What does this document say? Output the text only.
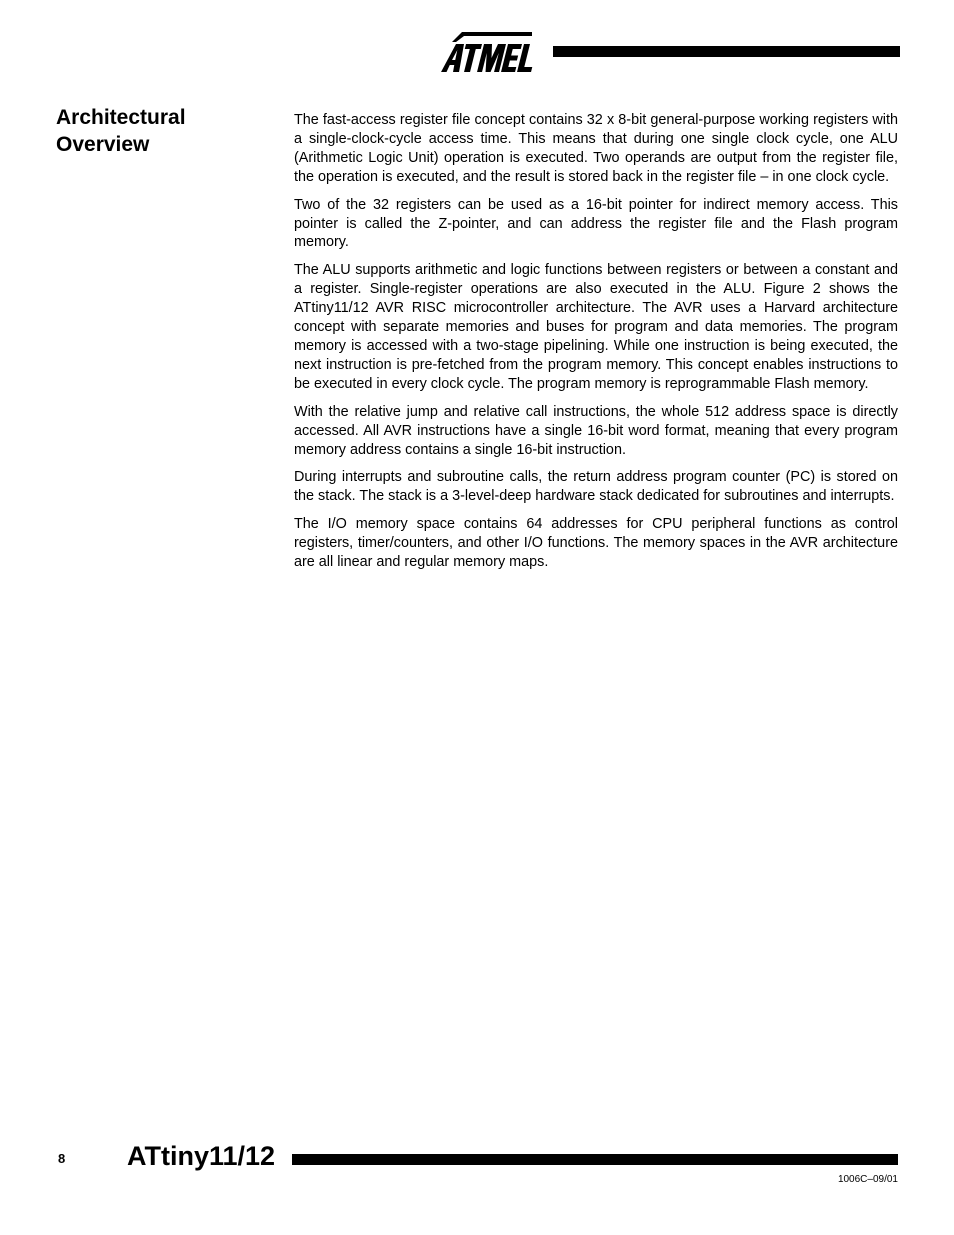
Architectural
Overview

The fast-access register file concept contains 32 x 8-bit general-purpose working registers with a single-clock-cycle access time. This means that during one single clock cycle, one ALU (Arithmetic Logic Unit) operation is executed. Two operands are output from the register file, the operation is executed, and the result is stored back in the register file – in one clock cycle.

Two of the 32 registers can be used as a 16-bit pointer for indirect memory access. This pointer is called the Z-pointer, and can address the register file and the Flash program memory.

The ALU supports arithmetic and logic functions between registers or between a constant and a register. Single-register operations are also executed in the ALU. Figure 2 shows the ATtiny11/12 AVR RISC microcontroller architecture. The AVR uses a Harvard architecture concept with separate memories and buses for program and data memories. The program memory is accessed with a two-stage pipelining. While one instruction is being executed, the next instruction is pre-fetched from the program memory. This concept enables instructions to be executed in every clock cycle. The program memory is reprogrammable Flash memory.

With the relative jump and relative call instructions, the whole 512 address space is directly accessed. All AVR instructions have a single 16-bit word format, meaning that every program memory address contains a single 16-bit instruction.

During interrupts and subroutine calls, the return address program counter (PC) is stored on the stack. The stack is a 3-level-deep hardware stack dedicated for subroutines and interrupts.

The I/O memory space contains 64 addresses for CPU peripheral functions as control registers, timer/counters, and other I/O functions. The memory spaces in the AVR architecture are all linear and regular memory maps.

8 ATtiny11/12
1006C–09/01
